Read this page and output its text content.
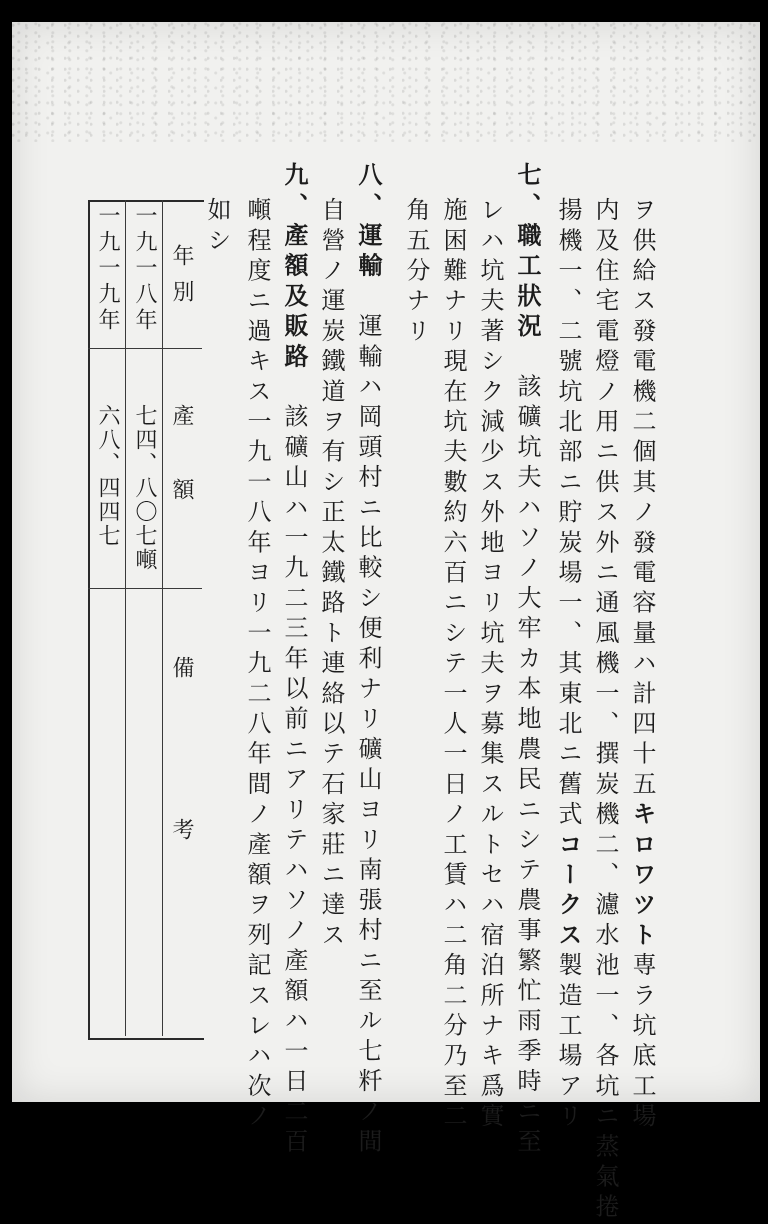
ヲ供給ス發電機二個其ノ發電容量ハ計四十五キロワツト専ラ坑底工場
内及住宅電燈ノ用ニ供ス外ニ通風機一、撰炭機二、濾水池一、各坑ニ蒸氣捲
揚機一、二號坑北部ニ貯炭場一、其東北ニ舊式コークス製造工場アリ
七、職工狀況　該礦坑夫ハソノ大牢カ本地農民ニシテ農事繁忙雨季時ニ至
レハ坑夫著シク減少ス外地ヨリ坑夫ヲ募集スルトセハ宿泊所ナキ爲實
施困難ナリ現在坑夫數約六百ニシテ一人一日ノ工賃ハ二角二分乃至二
角五分ナリ
八、運輸　運輸ハ岡頭村ニ比較シ便利ナリ礦山ヨリ南張村ニ至ル七粁ノ間
自營ノ運炭鐵道ヲ有シ正太鐵路ト連絡以テ石家莊ニ達ス
九、產額及販路　該礦山ハ一九二三年以前ニアリテハソノ產額ハ一日二百
噸程度ニ過キス一九一八年ヨリ一九二八年間ノ產額ヲ列記スレハ次ノ
如シ
年別
產額
備考
一九一八年
七四、八〇七噸
一九一九年
六八、四四七
